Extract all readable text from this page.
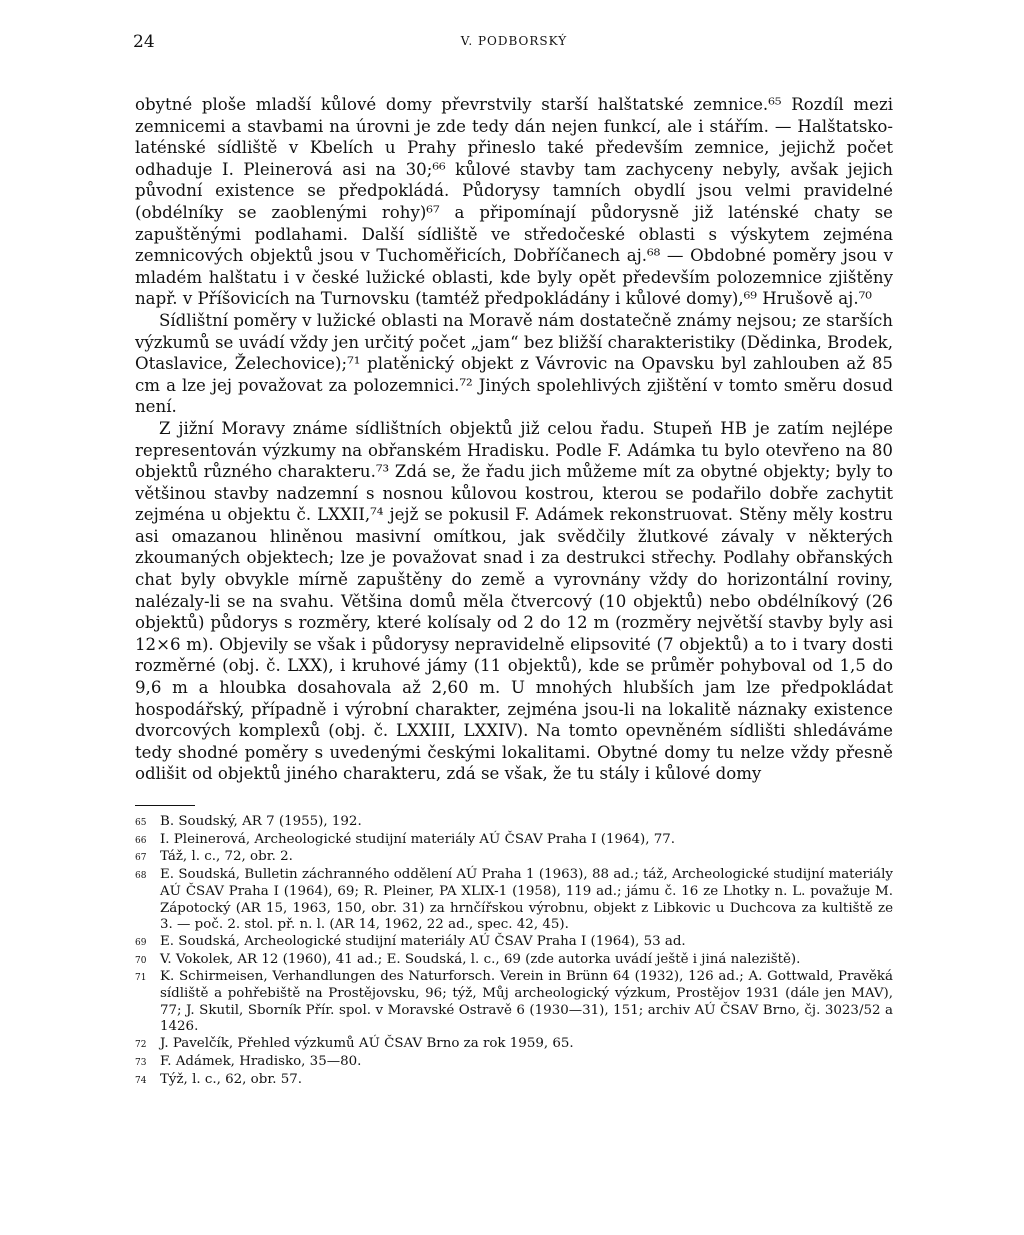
24	V. PODBORSKÝ

obytné ploše mladší kůlové domy převrstvily starší halštatské zemnice.⁶⁵ Rozdíl mezi zemnicemi a stavbami na úrovni je zde tedy dán nejen funkcí, ale i stářím. — Halštatsko-laténské sídliště v Kbelích u Prahy přineslo také především zemnice, jejichž počet odhaduje I. Pleinerová asi na 30;⁶⁶ kůlové stavby tam zachyceny nebyly, avšak jejich původní existence se předpokládá. Půdorysy tamních obydlí jsou velmi pravidelné (obdélníky se zaoblenými rohy)⁶⁷ a připomínají půdorysně již laténské chaty se zapuštěnými podlahami. Další sídliště ve středočeské oblasti s výskytem zejména zemnicových objektů jsou v Tuchoměřicích, Dobříčanech aj.⁶⁸ — Obdobné poměry jsou v mladém halštatu i v české lužické oblasti, kde byly opět především polozemnice zjištěny např. v Příšovicích na Turnovsku (tamtéž předpokládány i kůlové domy),⁶⁹ Hrušově aj.⁷⁰

Sídlištní poměry v lužické oblasti na Moravě nám dostatečně známy nejsou; ze starších výzkumů se uvádí vždy jen určitý počet „jam“ bez bližší charakteristiky (Dědinka, Brodek, Otaslavice, Želechovice);⁷¹ platěnický objekt z Vávrovic na Opavsku byl zahlouben až 85 cm a lze jej považovat za polozemnici.⁷² Jiných spolehlivých zjištění v tomto směru dosud není.

Z jižní Moravy známe sídlištních objektů již celou řadu. Stupeň HB je zatím nejlépe representován výzkumy na obřanském Hradisku. Podle F. Adámka tu bylo otevřeno na 80 objektů různého charakteru.⁷³ Zdá se, že řadu jich můžeme mít za obytné objekty; byly to většinou stavby nadzemní s nosnou kůlovou kostrou, kterou se podařilo dobře zachytit zejména u objektu č. LXXII,⁷⁴ jejž se pokusil F. Adámek rekonstruovat. Stěny měly kostru asi omazanou hliněnou masivní omítkou, jak svědčily žlutkové závaly v některých zkoumaných objektech; lze je považovat snad i za destrukci střechy. Podlahy obřanských chat byly obvykle mírně zapuštěny do země a vyrovnány vždy do horizontální roviny, nalézaly-li se na svahu. Většina domů měla čtvercový (10 objektů) nebo obdélníkový (26 objektů) půdorys s rozměry, které kolísaly od 2 do 12 m (rozměry největší stavby byly asi 12×6 m). Objevily se však i půdorysy nepravidelně elipsovité (7 objektů) a to i tvary dosti rozměrné (obj. č. LXX), i kruhové jámy (11 objektů), kde se průměr pohyboval od 1,5 do 9,6 m a hloubka dosahovala až 2,60 m. U mnohých hlubších jam lze předpokládat hospodářský, případně i výrobní charakter, zejména jsou-li na lokalitě náznaky existence dvorcových komplexů (obj. č. LXXIII, LXXIV). Na tomto opevněném sídlišti shledáváme tedy shodné poměry s uvedenými českými lokalitami. Obytné domy tu nelze vždy přesně odlišit od objektů jiného charakteru, zdá se však, že tu stály i kůlové domy

65	B. Soudský, AR 7 (1955), 192.
66	I. Pleinerová, Archeologické studijní materiály AÚ ČSAV Praha I (1964), 77.
67	Táž, l. c., 72, obr. 2.
68	E. Soudská, Bulletin záchranného oddělení AÚ Praha 1 (1963), 88 ad.; táž, Archeologické studijní materiály AÚ ČSAV Praha I (1964), 69; R. Pleiner, PA XLIX-1 (1958), 119 ad.; jámu č. 16 ze Lhotky n. L. považuje M. Zápotocký (AR 15, 1963, 150, obr. 31) za hrnčířskou výrobnu, objekt z Libkovic u Duchcova za kultiště ze 3. — poč. 2. stol. př. n. l. (AR 14, 1962, 22 ad., spec. 42, 45).
69	E. Soudská, Archeologické studijní materiály AÚ ČSAV Praha I (1964), 53 ad.
70	V. Vokolek, AR 12 (1960), 41 ad.; E. Soudská, l. c., 69 (zde autorka uvádí ještě i jiná naleziště).
71	K. Schirmeisen, Verhandlungen des Naturforsch. Verein in Brünn 64 (1932), 126 ad.; A. Gottwald, Pravěká sídliště a pohřebiště na Prostějovsku, 96; týž, Můj archeologický výzkum, Prostějov 1931 (dále jen MAV), 77; J. Skutil, Sborník Přír. spol. v Moravské Ostravě 6 (1930—31), 151; archiv AÚ ČSAV Brno, čj. 3023/52 a 1426.
72	J. Pavelčík, Přehled výzkumů AÚ ČSAV Brno za rok 1959, 65.
73	F. Adámek, Hradisko, 35—80.
74	Týž, l. c., 62, obr. 57.
